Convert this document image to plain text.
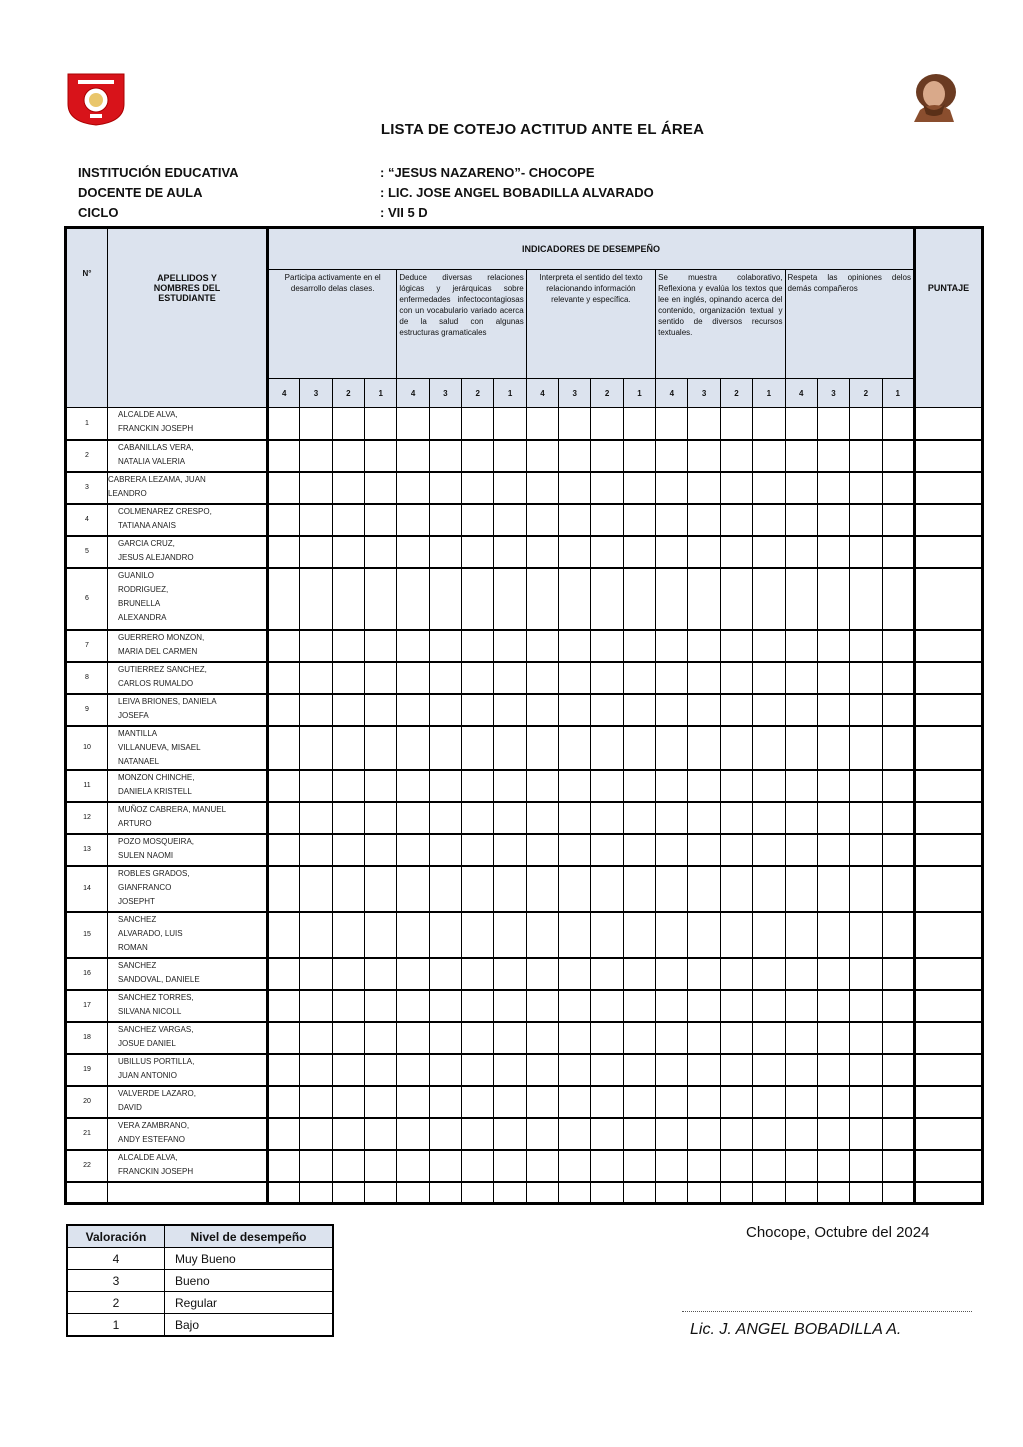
LISTA DE COTEJO ACTITUD ANTE EL ÁREA
INSTITUCIÓN EDUCATIVA	: “JESUS NAZARENO”- CHOCOPE
DOCENTE DE AULA	: LIC. JOSE ANGEL BOBADILLA ALVARADO
CICLO	: VII 5 D
N°	APELLIDOS Y NOMBRES DEL ESTUDIANTE	INDICADORES DE DESEMPEÑO																				PUNTAJE

		Participa activamente en el desarrollo delas clases.				Deduce diversas relaciones lógicas y jerárquicas sobre enfermedades infectocontagiosas con un vocabulario variado acerca de la salud con algunas estructuras gramaticales				Interpreta el sentido del texto relacionando información relevante y específica.				Se muestra colaborativo, Reflexiona y evalúa los textos que lee en inglés, opinando acerca del contenido, organización textual y sentido de diversos recursos textuales.				Respeta las opiniones delos demás compañeros				

		4	3	2	1	4	3	2	1	4	3	2	1	4	3	2	1	4	3	2	1	
1	ALCALDE ALVA,
FRANCKIN JOSEPH																					

2	CABANILLAS VERA,
NATALIA VALERIA																					

3	CABRERA LEZAMA, JUAN
LEANDRO																					

4	COLMENAREZ CRESPO,
TATIANA ANAIS																					

5	GARCIA CRUZ,
JESUS ALEJANDRO																					

6	GUANILO
RODRIGUEZ,
BRUNELLA
ALEXANDRA																					

7	GUERRERO MONZON,
MARIA DEL CARMEN																					

8	GUTIERREZ SANCHEZ,
CARLOS RUMALDO																					

9	LEIVA BRIONES, DANIELA
JOSEFA																					

10	MANTILLA
VILLANUEVA, MISAEL
NATANAEL																					

11	MONZON CHINCHE,
DANIELA KRISTELL																					

12	MUÑOZ CABRERA, MANUEL
ARTURO																					

13	POZO MOSQUEIRA,
SULEN NAOMI																					

14	ROBLES GRADOS,
GIANFRANCO
JOSEPHT																					

15	SANCHEZ
ALVARADO, LUIS
ROMAN																					

16	SANCHEZ
SANDOVAL, DANIELE																					

17	SANCHEZ TORRES,
SILVANA NICOLL																					

18	SANCHEZ VARGAS,
JOSUE DANIEL																					

19	UBILLUS PORTILLA,
JUAN ANTONIO																					

20	VALVERDE LAZARO,
DAVID																					

21	VERA ZAMBRANO,
ANDY ESTEFANO																					

22	ALCALDE ALVA,
FRANCKIN JOSEPH																					

Valoración	Nivel de desempeño
4	Muy Bueno
3	Bueno
2	Regular
1	Bajo
Chocope, Octubre del 2024
Lic. J. ANGEL BOBADILLA A.
